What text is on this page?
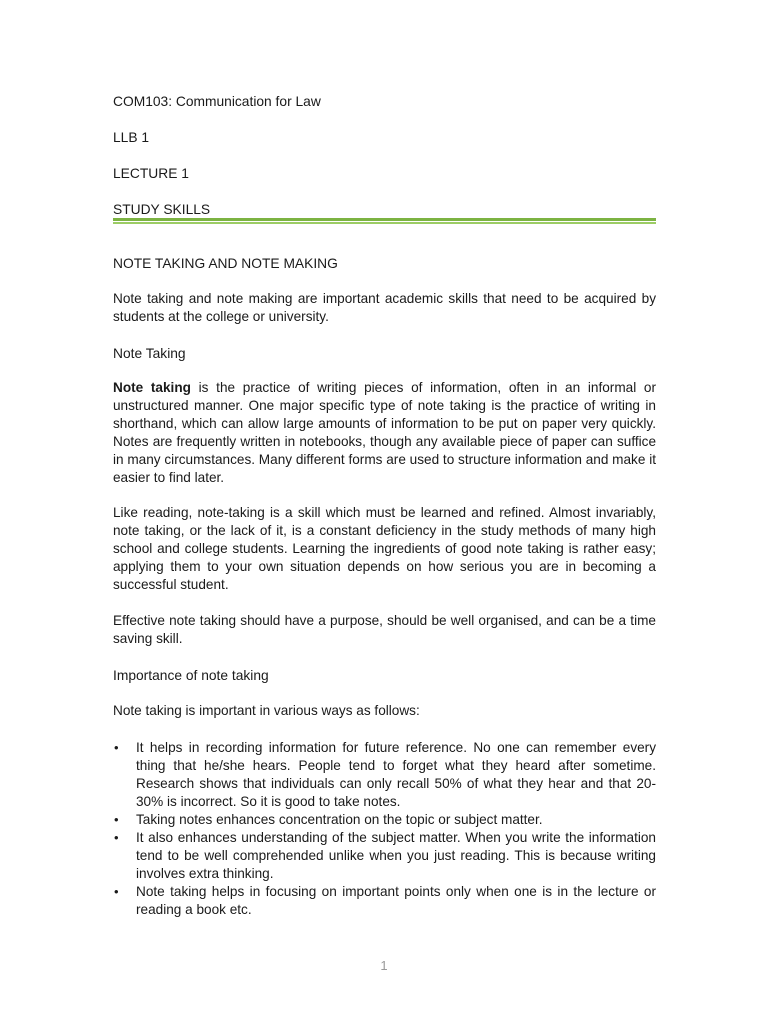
COM103: Communication for Law

LLB 1

LECTURE 1

STUDY SKILLS

NOTE TAKING AND NOTE MAKING

Note taking and note making are important academic skills that need to be acquired by students at the college or university.

Note Taking

Note taking is the practice of writing pieces of information, often in an informal or unstructured manner. One major specific type of note taking is the practice of writing in shorthand, which can allow large amounts of information to be put on paper very quickly. Notes are frequently written in notebooks, though any available piece of paper can suffice in many circumstances. Many different forms are used to structure information and make it easier to find later.

Like reading, note-taking is a skill which must be learned and refined. Almost invariably, note taking, or the lack of it, is a constant deficiency in the study methods of many high school and college students. Learning the ingredients of good note taking is rather easy; applying them to your own situation depends on how serious you are in becoming a successful student.

Effective note taking should have a purpose, should be well organised, and can be a time saving skill.

Importance of note taking

Note taking is important in various ways as follows:

• It helps in recording information for future reference. No one can remember every thing that he/she hears. People tend to forget what they heard after sometime. Research shows that individuals can only recall 50% of what they hear and that 20-30% is incorrect. So it is good to take notes.
• Taking notes enhances concentration on the topic or subject matter.
• It also enhances understanding of the subject matter. When you write the information tend to be well comprehended unlike when you just reading. This is because writing involves extra thinking.
• Note taking helps in focusing on important points only when one is in the lecture or reading a book etc.
1
